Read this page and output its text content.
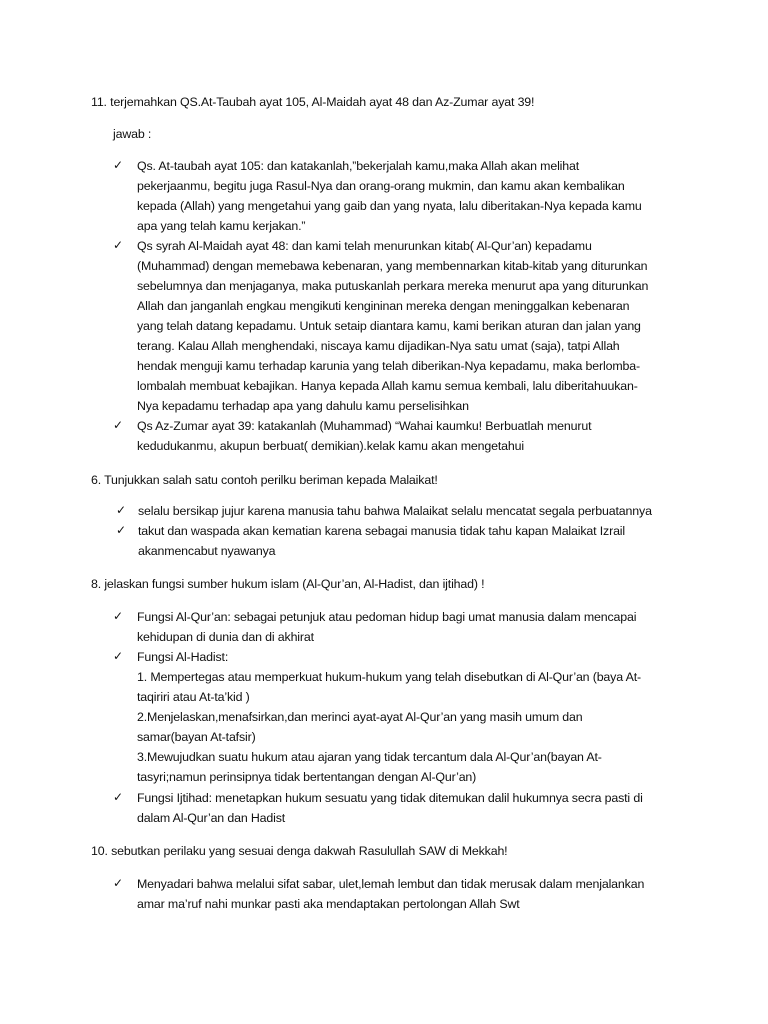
11. terjemahkan QS.At-Taubah ayat 105, Al-Maidah ayat 48 dan Az-Zumar ayat 39!
jawab :
✓ Qs. At-taubah ayat 105: dan katakanlah,”bekerjalah kamu,maka Allah akan melihat
pekerjaanmu, begitu juga Rasul-Nya dan orang-orang mukmin, dan kamu akan kembalikan
kepada (Allah) yang mengetahui yang gaib dan yang nyata, lalu diberitakan-Nya kepada kamu
apa yang telah kamu kerjakan.”
✓ Qs syrah Al-Maidah ayat 48: dan kami telah menurunkan kitab( Al-Qur’an) kepadamu
(Muhammad) dengan memebawa kebenaran, yang membennarkan kitab-kitab yang diturunkan
sebelumnya dan menjaganya, maka putuskanlah perkara mereka menurut apa yang diturunkan
Allah dan janganlah engkau mengikuti kengininan mereka dengan meninggalkan kebenaran
yang telah datang kepadamu. Untuk setaip diantara kamu, kami berikan aturan dan jalan yang
terang. Kalau Allah menghendaki, niscaya kamu dijadikan-Nya satu umat (saja), tatpi Allah
hendak menguji kamu terhadap karunia yang telah diberikan-Nya kepadamu, maka berlomba-
lombalah membuat kebajikan. Hanya kepada Allah kamu semua kembali, lalu diberitahuukan-
Nya kepadamu terhadap apa yang dahulu kamu perselisihkan
✓ Qs Az-Zumar ayat 39: katakanlah (Muhammad) “Wahai kaumku! Berbuatlah menurut
kedudukanmu, akupun berbuat( demikian).kelak kamu akan mengetahui
6. Tunjukkan salah satu contoh perilku beriman kepada Malaikat!
✓ selalu bersikap jujur karena manusia tahu bahwa Malaikat selalu mencatat segala perbuatannya
✓ takut dan waspada akan kematian karena sebagai manusia tidak tahu kapan Malaikat Izrail
akanmencabut nyawanya
8. jelaskan fungsi sumber hukum islam (Al-Qur’an, Al-Hadist, dan ijtihad) !
✓ Fungsi Al-Qur’an: sebagai petunjuk atau pedoman hidup bagi umat manusia dalam mencapai
kehidupan di dunia dan di akhirat
✓ Fungsi Al-Hadist:
1. Mempertegas atau memperkuat hukum-hukum yang telah disebutkan di Al-Qur’an (baya At-
taqiriri atau At-ta’kid )
2.Menjelaskan,menafsirkan,dan merinci ayat-ayat Al-Qur’an yang masih umum dan
samar(bayan At-tafsir)
3.Mewujudkan suatu hukum atau ajaran yang tidak tercantum dala Al-Qur’an(bayan At-
tasyri;namun perinsipnya tidak bertentangan dengan Al-Qur’an)
✓ Fungsi Ijtihad: menetapkan hukum sesuatu yang tidak ditemukan dalil hukumnya secra pasti di
dalam Al-Qur’an dan Hadist
10. sebutkan perilaku yang sesuai denga dakwah Rasulullah SAW di Mekkah!
✓ Menyadari bahwa melalui sifat sabar, ulet,lemah lembut dan tidak merusak dalam menjalankan
amar ma’ruf nahi munkar pasti aka mendaptakan pertolongan Allah Swt
